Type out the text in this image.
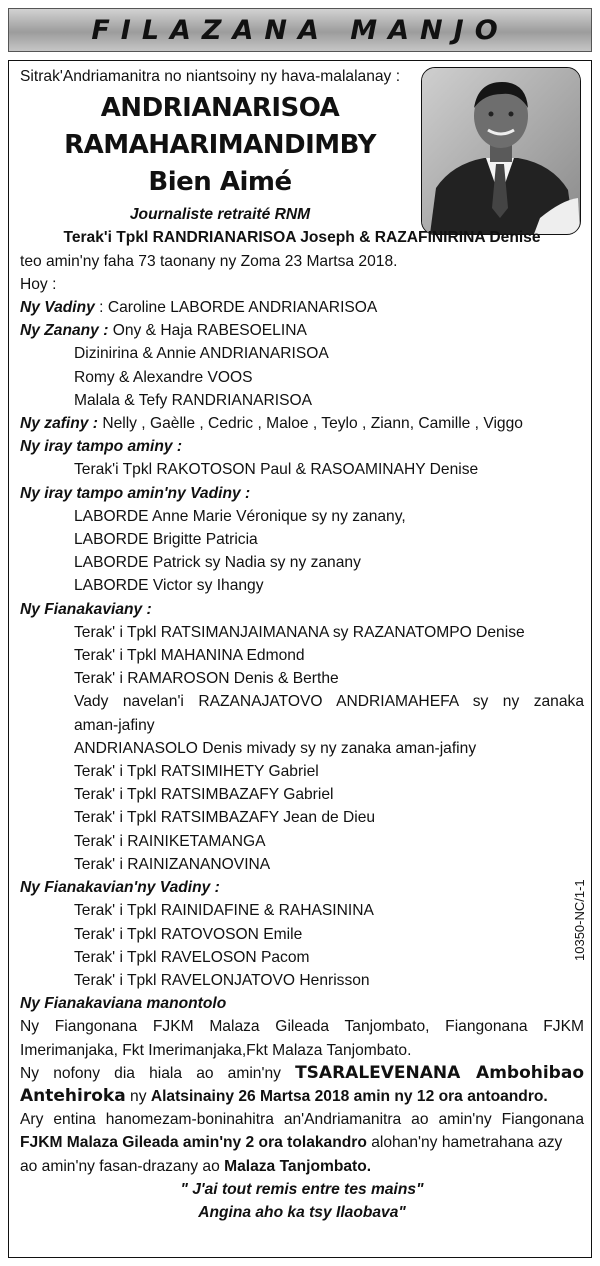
FILAZANA MANJO
10350-NC/1-1
Sitrak'Andriamanitra no niantsoiny ny hava-malalanay :
ANDRIANARISOA
RAMAHARIMANDIMBY
Bien Aimé
Journaliste retraité RNM
Terak'i Tpkl RANDRIANARISOA Joseph & RAZAFINIRINA Denise
teo amin'ny faha 73 taonany ny Zoma 23 Martsa 2018.
Hoy :
Ny Vadiny : Caroline LABORDE ANDRIANARISOA
Ny Zanany : Ony & Haja RABESOELINA
Dizinirina & Annie ANDRIANARISOA
Romy & Alexandre VOOS
Malala & Tefy RANDRIANARISOA
Ny zafiny : Nelly , Gaèlle , Cedric , Maloe , Teylo , Ziann, Camille , Viggo
Ny iray tampo aminy :
Terak'i Tpkl RAKOTOSON Paul & RASOAMINAHY Denise
Ny iray tampo amin'ny Vadiny :
LABORDE Anne Marie Véronique sy ny zanany,
LABORDE Brigitte Patricia
LABORDE Patrick sy Nadia sy ny zanany
LABORDE Victor sy Ihangy
Ny Fianakaviany :
Terak' i Tpkl RATSIMANJAIMANANA sy RAZANATOMPO Denise
Terak' i Tpkl MAHANINA Edmond
Terak' i RAMAROSON Denis & Berthe
Vady navelan'i RAZANAJATOVO ANDRIAMAHEFA sy ny zanaka
aman-jafiny
ANDRIANASOLO Denis mivady sy ny zanaka aman-jafiny
Terak' i Tpkl RATSIMIHETY Gabriel
Terak' i Tpkl RATSIMBAZAFY Gabriel
Terak' i Tpkl RATSIMBAZAFY Jean de Dieu
Terak' i RAINIKETAMANGA
Terak' i RAINIZANANOVINA
Ny Fianakavian'ny Vadiny :
Terak' i Tpkl RAINIDAFINE & RAHASININA
Terak' i Tpkl RATOVOSON Emile
Terak' i Tpkl RAVELOSON Pacom
Terak' i Tpkl RAVELONJATOVO Henrisson
Ny Fianakaviana manontolo
Ny Fiangonana FJKM Malaza Gileada Tanjombato, Fiangonana FJKM
Imerimanjaka, Fkt Imerimanjaka,Fkt Malaza Tanjombato.
Ny nofony dia hiala ao amin'ny TSARALEVENANA Ambohibao Antehiroka ny Alatsinainy 26 Martsa 2018 amin ny 12 ora antoandro.
Ary entina hanomezam-boninahitra an'Andriamanitra ao amin'ny Fiangonana
FJKM Malaza Gileada amin'ny 2 ora tolakandro alohan'ny hametrahana azy
ao amin'ny fasan-drazany ao Malaza Tanjombato.
" J'ai tout remis entre tes mains"
Angina aho ka tsy Ilaobava"
